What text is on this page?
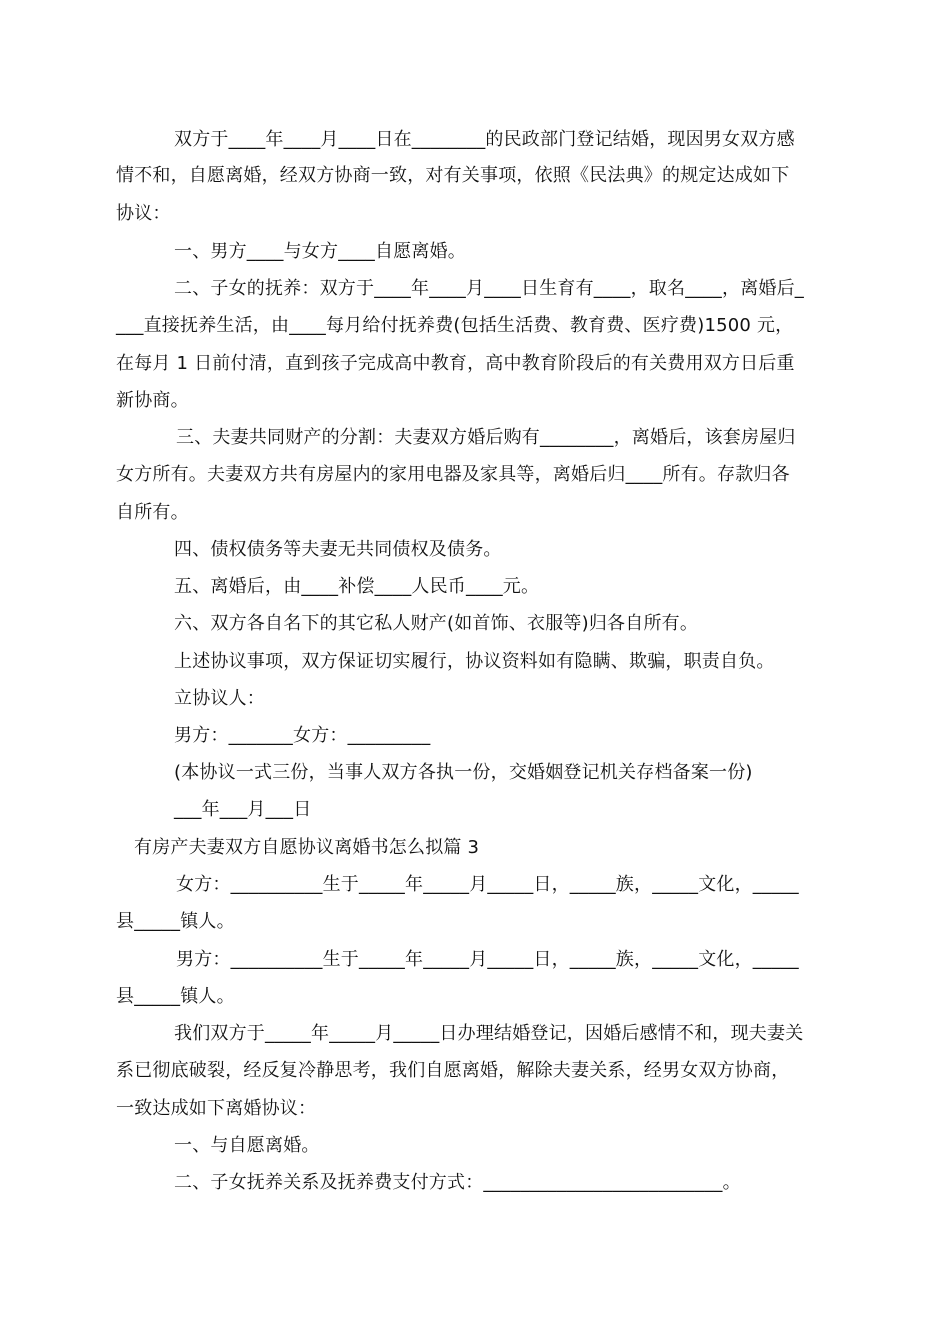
双方于____年____月____日在________的民政部门登记结婚，现因男女双方感
情不和，自愿离婚，经双方协商一致，对有关事项，依照《民法典》的规定达成如下
协议：
一、男方____与女方____自愿离婚。
二、子女的抚养：双方于____年____月____日生育有____，取名____，离婚后_
___直接抚养生活，由____每月给付抚养费(包括生活费、教育费、医疗费)1500 元，
在每月 1 日前付清，直到孩子完成高中教育，高中教育阶段后的有关费用双方日后重
新协商。
三、夫妻共同财产的分割：夫妻双方婚后购有________，离婚后，该套房屋归
女方所有。夫妻双方共有房屋内的家用电器及家具等，离婚后归____所有。存款归各
自所有。
四、债权债务等夫妻无共同债权及债务。
五、离婚后，由____补偿____人民币____元。
六、双方各自名下的其它私人财产(如首饰、衣服等)归各自所有。
上述协议事项，双方保证切实履行，协议资料如有隐瞒、欺骗，职责自负。
立协议人：
男方：_______女方：_________
(本协议一式三份，当事人双方各执一份，交婚姻登记机关存档备案一份)
___年___月___日
有房产夫妻双方自愿协议离婚书怎么拟篇 3
女方：__________生于_____年_____月_____日，_____族，_____文化，_____
县_____镇人。
男方：__________生于_____年_____月_____日，_____族，_____文化，_____
县_____镇人。
我们双方于_____年_____月_____日办理结婚登记，因婚后感情不和，现夫妻关
系已彻底破裂，经反复冷静思考，我们自愿离婚，解除夫妻关系，经男女双方协商，
一致达成如下离婚协议：
一、与自愿离婚。
二、子女抚养关系及抚养费支付方式：__________________________。
